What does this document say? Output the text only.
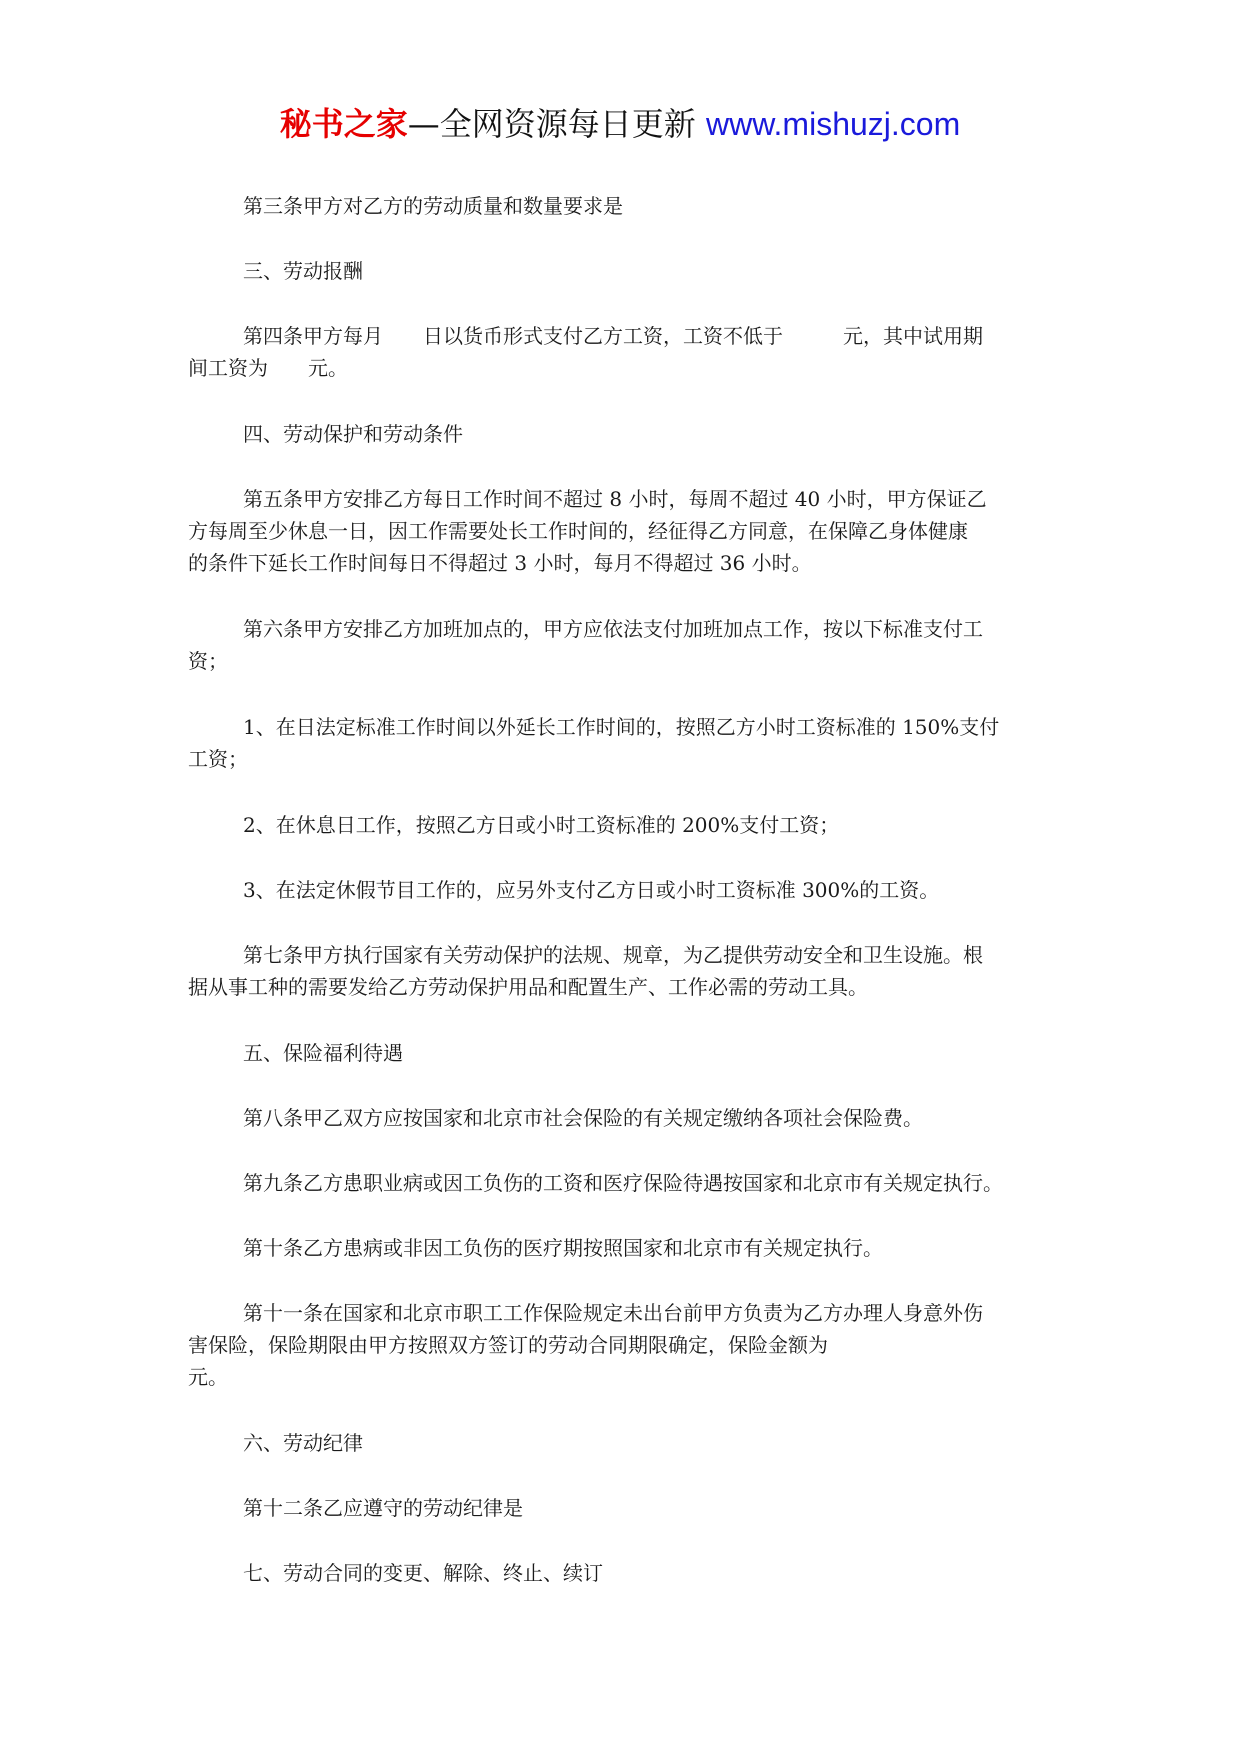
秘书之家—全网资源每日更新 www.mishuzj.com

第三条甲方对乙方的劳动质量和数量要求是

三、劳动报酬

第四条甲方每月　　日以货币形式支付乙方工资，工资不低于　　　元，其中试用期
间工资为　　元。

四、劳动保护和劳动条件

第五条甲方安排乙方每日工作时间不超过 8 小时，每周不超过 40 小时，甲方保证乙
方每周至少休息一日，因工作需要处长工作时间的，经征得乙方同意，在保障乙身体健康
的条件下延长工作时间每日不得超过 3 小时，每月不得超过 36 小时。

第六条甲方安排乙方加班加点的，甲方应依法支付加班加点工作，按以下标准支付工
资；

1、在日法定标准工作时间以外延长工作时间的，按照乙方小时工资标准的 150%支付
工资；

2、在休息日工作，按照乙方日或小时工资标准的 200%支付工资；

3、在法定休假节目工作的，应另外支付乙方日或小时工资标准 300%的工资。

第七条甲方执行国家有关劳动保护的法规、规章，为乙提供劳动安全和卫生设施。根
据从事工种的需要发给乙方劳动保护用品和配置生产、工作必需的劳动工具。

五、保险福利待遇

第八条甲乙双方应按国家和北京市社会保险的有关规定缴纳各项社会保险费。

第九条乙方患职业病或因工负伤的工资和医疗保险待遇按国家和北京市有关规定执行。

第十条乙方患病或非因工负伤的医疗期按照国家和北京市有关规定执行。

第十一条在国家和北京市职工工作保险规定未出台前甲方负责为乙方办理人身意外伤
害保险，保险期限由甲方按照双方签订的劳动合同期限确定，保险金额为
元。

六、劳动纪律

第十二条乙应遵守的劳动纪律是

七、劳动合同的变更、解除、终止、续订
